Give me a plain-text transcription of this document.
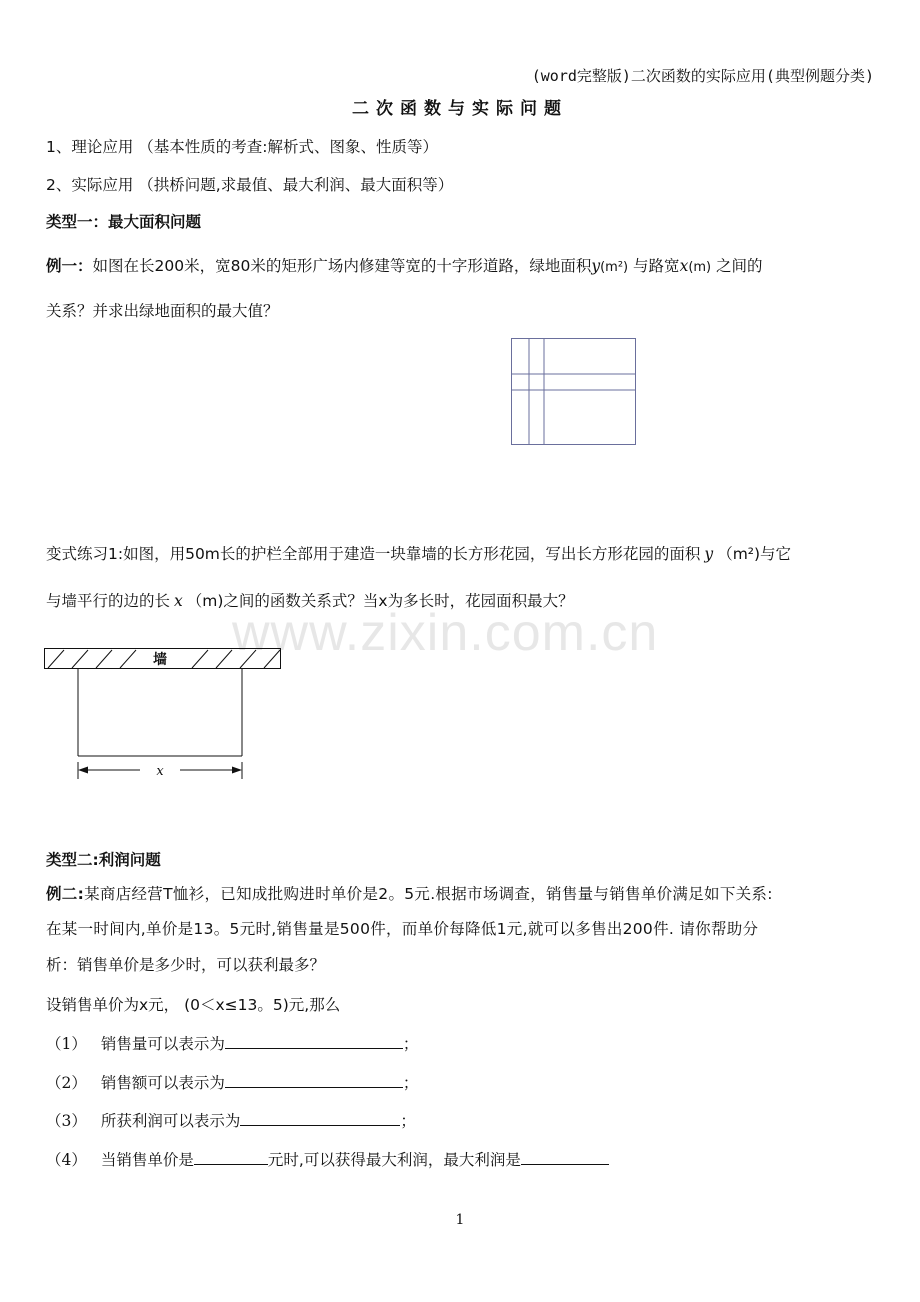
(word完整版)二次函数的实际应用(典型例题分类)
二次函数与实际问题
1、理论应用 （基本性质的考查:解析式、图象、性质等）
2、实际应用 （拱桥问题,求最值、最大利润、最大面积等）
类型一：最大面积问题
例一：如图在长200米，宽80米的矩形广场内修建等宽的十字形道路，绿地面积y(m²) 与路宽x(m) 之间的
关系？并求出绿地面积的最大值？
变式练习1:如图，用50m长的护栏全部用于建造一块靠墙的长方形花园，写出长方形花园的面积 y （m²)与它
与墙平行的边的长 x （m)之间的函数关系式？当x为多长时，花园面积最大？
www.zixin.com.cn
墙
x
类型二:利润问题
例二:某商店经营T恤衫，已知成批购进时单价是2。5元.根据市场调查，销售量与销售单价满足如下关系:
在某一时间内,单价是13。5元时,销售量是500件，而单价每降低1元,就可以多售出200件. 请你帮助分
析：销售单价是多少时，可以获利最多？
设销售单价为x元， (0＜x≤13。5)元,那么
（1） 销售量可以表示为	；
（2） 销售额可以表示为	；
（3） 所获利润可以表示为	；
（4） 当销售单价是	元时,可以获得最大利润，最大利润是
1
